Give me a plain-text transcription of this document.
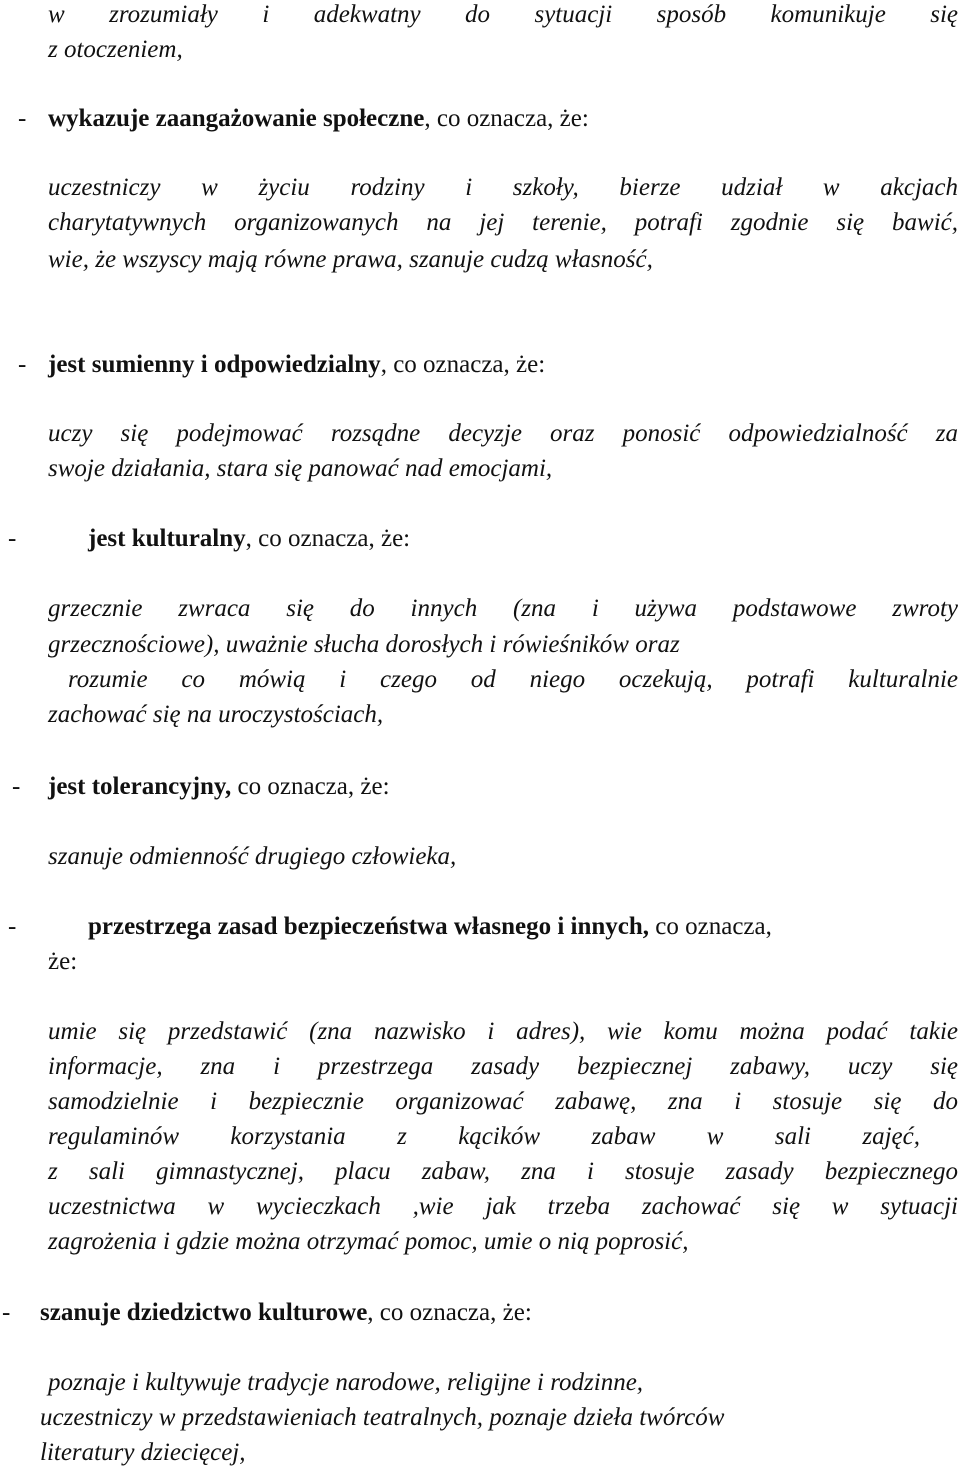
w zrozumiały i adekwatny do sytuacji sposób komunikuje się
z otoczeniem,
- wykazuje zaangażowanie społeczne, co oznacza, że:
uczestniczy w życiu rodziny i szkoły, bierze udział w akcjach
charytatywnych organizowanych na jej terenie, potrafi zgodnie się bawić,
wie, że wszyscy mają równe prawa, szanuje cudzą własność,
- jest sumienny i odpowiedzialny, co oznacza, że:
uczy się podejmować rozsądne decyzje oraz ponosić odpowiedzialność za
swoje działania, stara się panować nad emocjami,
-	jest kulturalny, co oznacza, że:
grzecznie zwraca się do innych (zna i używa podstawowe zwroty
grzecznościowe), uważnie słucha dorosłych i rówieśników oraz
rozumie co mówią i czego od niego oczekują, potrafi kulturalnie
zachować się na uroczystościach,
- jest tolerancyjny, co oznacza, że:
szanuje odmienność drugiego człowieka,
-	przestrzega zasad bezpieczeństwa własnego i innych, co oznacza,
że:
umie się przedstawić (zna nazwisko i adres), wie komu można podać takie
informacje, zna i przestrzega zasady bezpiecznej zabawy, uczy się
samodzielnie i bezpiecznie organizować zabawę, zna i stosuje się do
regulaminów korzystania z kącików zabaw w sali zajęć,
z sali gimnastycznej, placu zabaw, zna i stosuje zasady bezpiecznego
uczestnictwa w wycieczkach ,wie jak trzeba zachować się w sytuacji
zagrożenia i gdzie można otrzymać pomoc, umie o nią poprosić,
- szanuje dziedzictwo kulturowe, co oznacza, że:
poznaje i kultywuje tradycje narodowe, religijne i rodzinne,
uczestniczy w przedstawieniach teatralnych, poznaje dzieła twórców
literatury dziecięcej,
